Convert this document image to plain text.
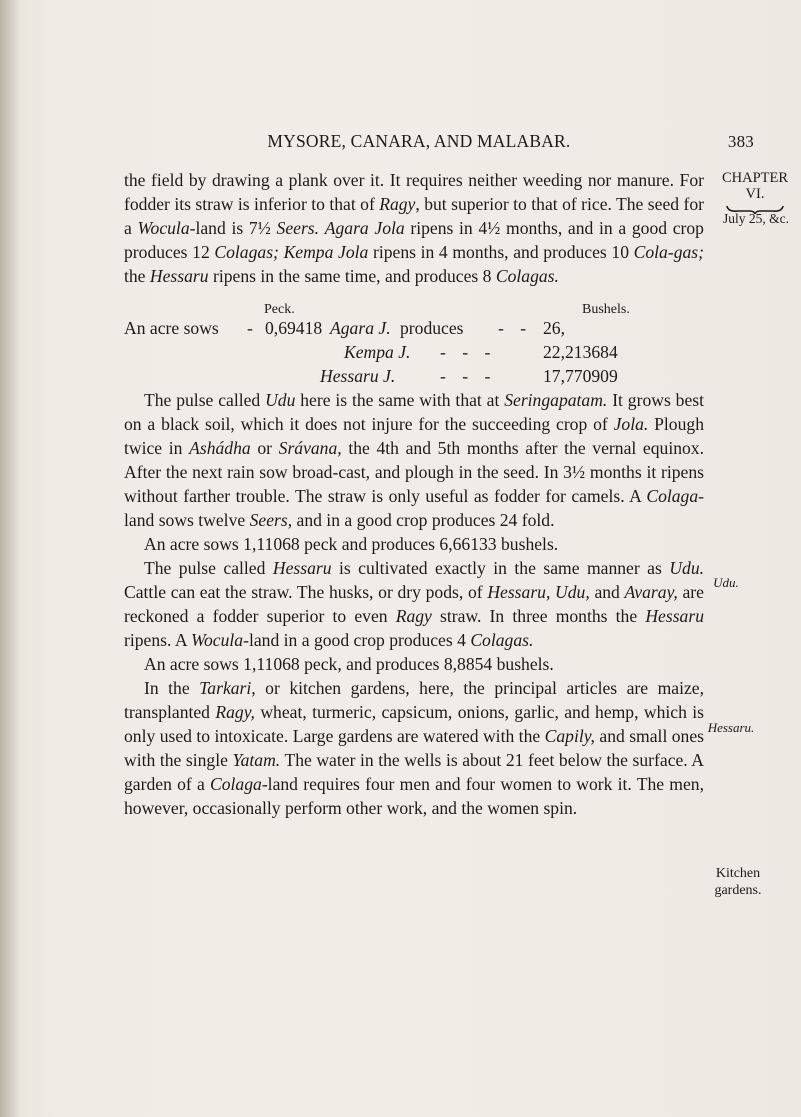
MYSORE, CANARA, AND MALABAR.	383
CHAPTER
VI.
July 25, &c.
Udu.
Hessaru.
Kitchen
gardens.

the field by drawing a plank over it. It requires neither weeding nor manure. For fodder its straw is inferior to that of Ragy, but superior to that of rice. The seed for a Wocula-land is 7½ Seers. Agara Jola ripens in 4½ months, and in a good crop produces 12 Colagas; Kempa Jola ripens in 4 months, and produces 10 Cola-gas; the Hessaru ripens in the same time, and produces 8 Colagas.

Peck.	Bushels.
An acre sows - 0,69418 Agara J. produces - - 26,
Kempa J. - - -	22,213684
Hessaru J.	- - -	17,770909

The pulse called Udu here is the same with that at Seringapatam. It grows best on a black soil, which it does not injure for the succeeding crop of Jola. Plough twice in Ashádha or Srávana, the 4th and 5th months after the vernal equinox. After the next rain sow broad-cast, and plough in the seed. In 3½ months it ripens without farther trouble. The straw is only useful as fodder for camels. A Colaga-land sows twelve Seers, and in a good crop produces 24 fold.

An acre sows 1,11068 peck and produces 6,66133 bushels.

The pulse called Hessaru is cultivated exactly in the same manner as Udu. Cattle can eat the straw. The husks, or dry pods, of Hessaru, Udu, and Avaray, are reckoned a fodder superior to even Ragy straw. In three months the Hessaru ripens. A Wocula-land in a good crop produces 4 Colagas.

An acre sows 1,11068 peck, and produces 8,8854 bushels.

In the Tarkari, or kitchen gardens, here, the principal articles are maize, transplanted Ragy, wheat, turmeric, capsicum, onions, garlic, and hemp, which is only used to intoxicate. Large gardens are watered with the Capily, and small ones with the single Yatam. The water in the wells is about 21 feet below the surface. A garden of a Colaga-land requires four men and four women to work it. The men, however, occasionally perform other work, and the women spin.
